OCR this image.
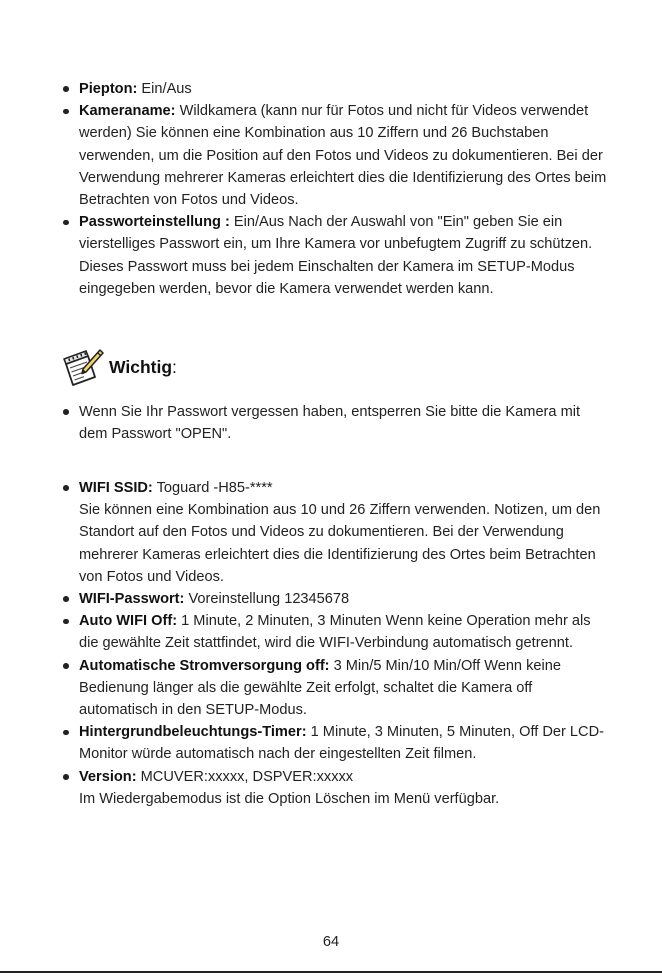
Piepton: Ein/Aus
Kameraname: Wildkamera (kann nur für Fotos und nicht für Videos verwendet werden) Sie können eine Kombination aus 10 Ziffern und 26 Buchstaben verwenden, um die Position auf den Fotos und Videos zu dokumentieren. Bei der Verwendung mehrerer Kameras erleichtert dies die Identifizierung des Ortes beim Betrachten von Fotos und Videos.
Passworteinstellung : Ein/Aus Nach der Auswahl von "Ein" geben Sie ein vierstelliges Passwort ein, um Ihre Kamera vor unbefugtem Zugriff zu schützen. Dieses Passwort muss bei jedem Einschalten der Kamera im SETUP-Modus eingegeben werden, bevor die Kamera verwendet werden kann.
Wichtig:
Wenn Sie Ihr Passwort vergessen haben, entsperren Sie bitte die Kamera mit dem Passwort "OPEN".
WIFI SSID: Toguard -H85-****
Sie können eine Kombination aus 10 und 26 Ziffern verwenden. Notizen, um den Standort auf den Fotos und Videos zu dokumentieren. Bei der Verwendung mehrerer Kameras erleichtert dies die Identifizierung des Ortes beim Betrachten von Fotos und Videos.
WIFI-Passwort: Voreinstellung 12345678
Auto WIFI Off: 1 Minute, 2 Minuten, 3 Minuten Wenn keine Operation mehr als die gewählte Zeit stattfindet, wird die WIFI-Verbindung automatisch getrennt.
Automatische Stromversorgung off: 3 Min/5 Min/10 Min/Off Wenn keine Bedienung länger als die gewählte Zeit erfolgt, schaltet die Kamera off automatisch in den SETUP-Modus.
Hintergrundbeleuchtungs-Timer: 1 Minute, 3 Minuten, 5 Minuten, Off Der LCD-Monitor würde automatisch nach der eingestellten Zeit filmen.
Version: MCUVER:xxxxx, DSPVER:xxxxx
Im Wiedergabemodus ist die Option Löschen im Menü verfügbar.
64
